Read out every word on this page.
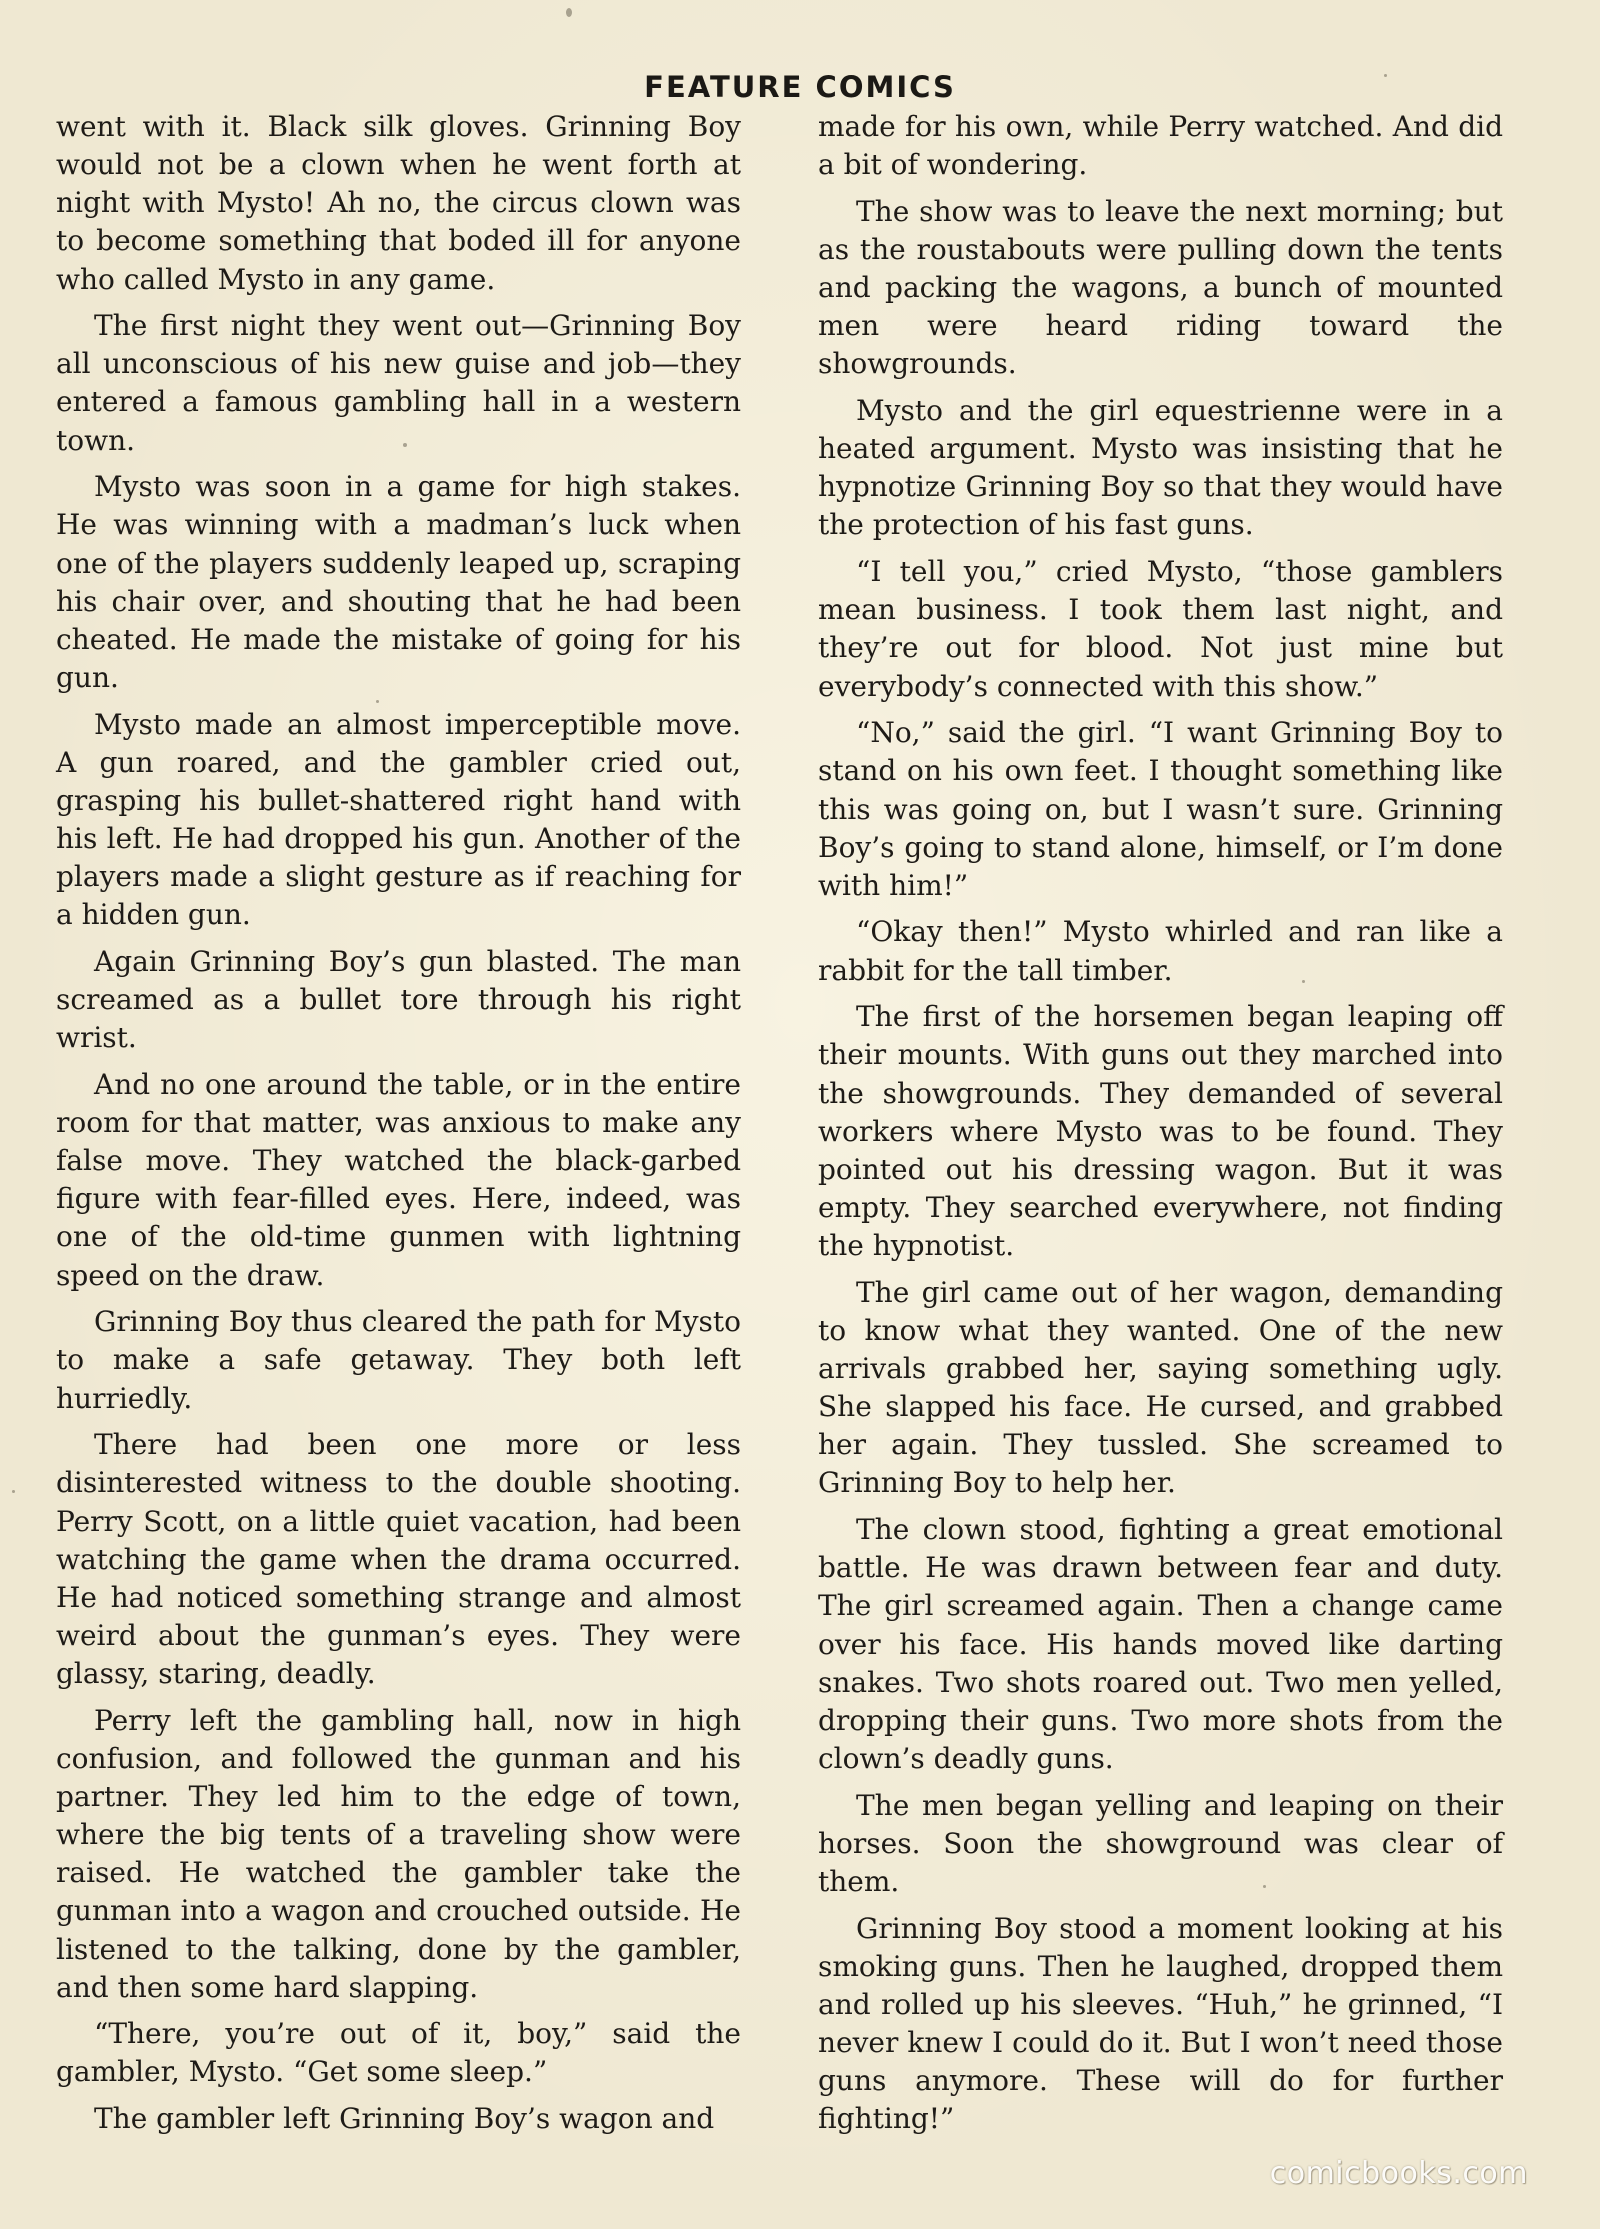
FEATURE COMICS

went with it. Black silk gloves. Grinning Boy would not be a clown when he went forth at night with Mysto! Ah no, the circus clown was to become something that boded ill for anyone who called Mysto in any game.

The first night they went out—Grinning Boy all unconscious of his new guise and job—they entered a famous gambling hall in a western town.

Mysto was soon in a game for high stakes. He was winning with a madman’s luck when one of the players suddenly leaped up, scraping his chair over, and shouting that he had been cheated. He made the mistake of going for his gun.

Mysto made an almost imperceptible move. A gun roared, and the gambler cried out, grasping his bullet-shattered right hand with his left. He had dropped his gun. Another of the players made a slight gesture as if reaching for a hidden gun.

Again Grinning Boy’s gun blasted. The man screamed as a bullet tore through his right wrist.

And no one around the table, or in the entire room for that matter, was anxious to make any false move. They watched the black-garbed figure with fear-filled eyes. Here, indeed, was one of the old-time gunmen with lightning speed on the draw.

Grinning Boy thus cleared the path for Mysto to make a safe getaway. They both left hurriedly.

There had been one more or less disinterested witness to the double shooting. Perry Scott, on a little quiet vacation, had been watching the game when the drama occurred. He had noticed something strange and almost weird about the gunman’s eyes. They were glassy, staring, deadly.

Perry left the gambling hall, now in high confusion, and followed the gunman and his partner. They led him to the edge of town, where the big tents of a traveling show were raised. He watched the gambler take the gunman into a wagon and crouched outside. He listened to the talking, done by the gambler, and then some hard slapping.

“There, you’re out of it, boy,” said the gambler, Mysto. “Get some sleep.”

The gambler left Grinning Boy’s wagon and

made for his own, while Perry watched. And did a bit of wondering.

The show was to leave the next morning; but as the roustabouts were pulling down the tents and packing the wagons, a bunch of mounted men were heard riding toward the showgrounds.

Mysto and the girl equestrienne were in a heated argument. Mysto was insisting that he hypnotize Grinning Boy so that they would have the protection of his fast guns.

“I tell you,” cried Mysto, “those gamblers mean business. I took them last night, and they’re out for blood. Not just mine but everybody’s connected with this show.”

“No,” said the girl. “I want Grinning Boy to stand on his own feet. I thought something like this was going on, but I wasn’t sure. Grinning Boy’s going to stand alone, himself, or I’m done with him!”

“Okay then!” Mysto whirled and ran like a rabbit for the tall timber.

The first of the horsemen began leaping off their mounts. With guns out they marched into the showgrounds. They demanded of several workers where Mysto was to be found. They pointed out his dressing wagon. But it was empty. They searched everywhere, not finding the hypnotist.

The girl came out of her wagon, demanding to know what they wanted. One of the new arrivals grabbed her, saying something ugly. She slapped his face. He cursed, and grabbed her again. They tussled. She screamed to Grinning Boy to help her.

The clown stood, fighting a great emotional battle. He was drawn between fear and duty. The girl screamed again. Then a change came over his face. His hands moved like darting snakes. Two shots roared out. Two men yelled, dropping their guns. Two more shots from the clown’s deadly guns.

The men began yelling and leaping on their horses. Soon the showground was clear of them.

Grinning Boy stood a moment looking at his smoking guns. Then he laughed, dropped them and rolled up his sleeves. “Huh,” he grinned, “I never knew I could do it. But I won’t need those guns anymore. These will do for further fighting!”

comicbooks.com
